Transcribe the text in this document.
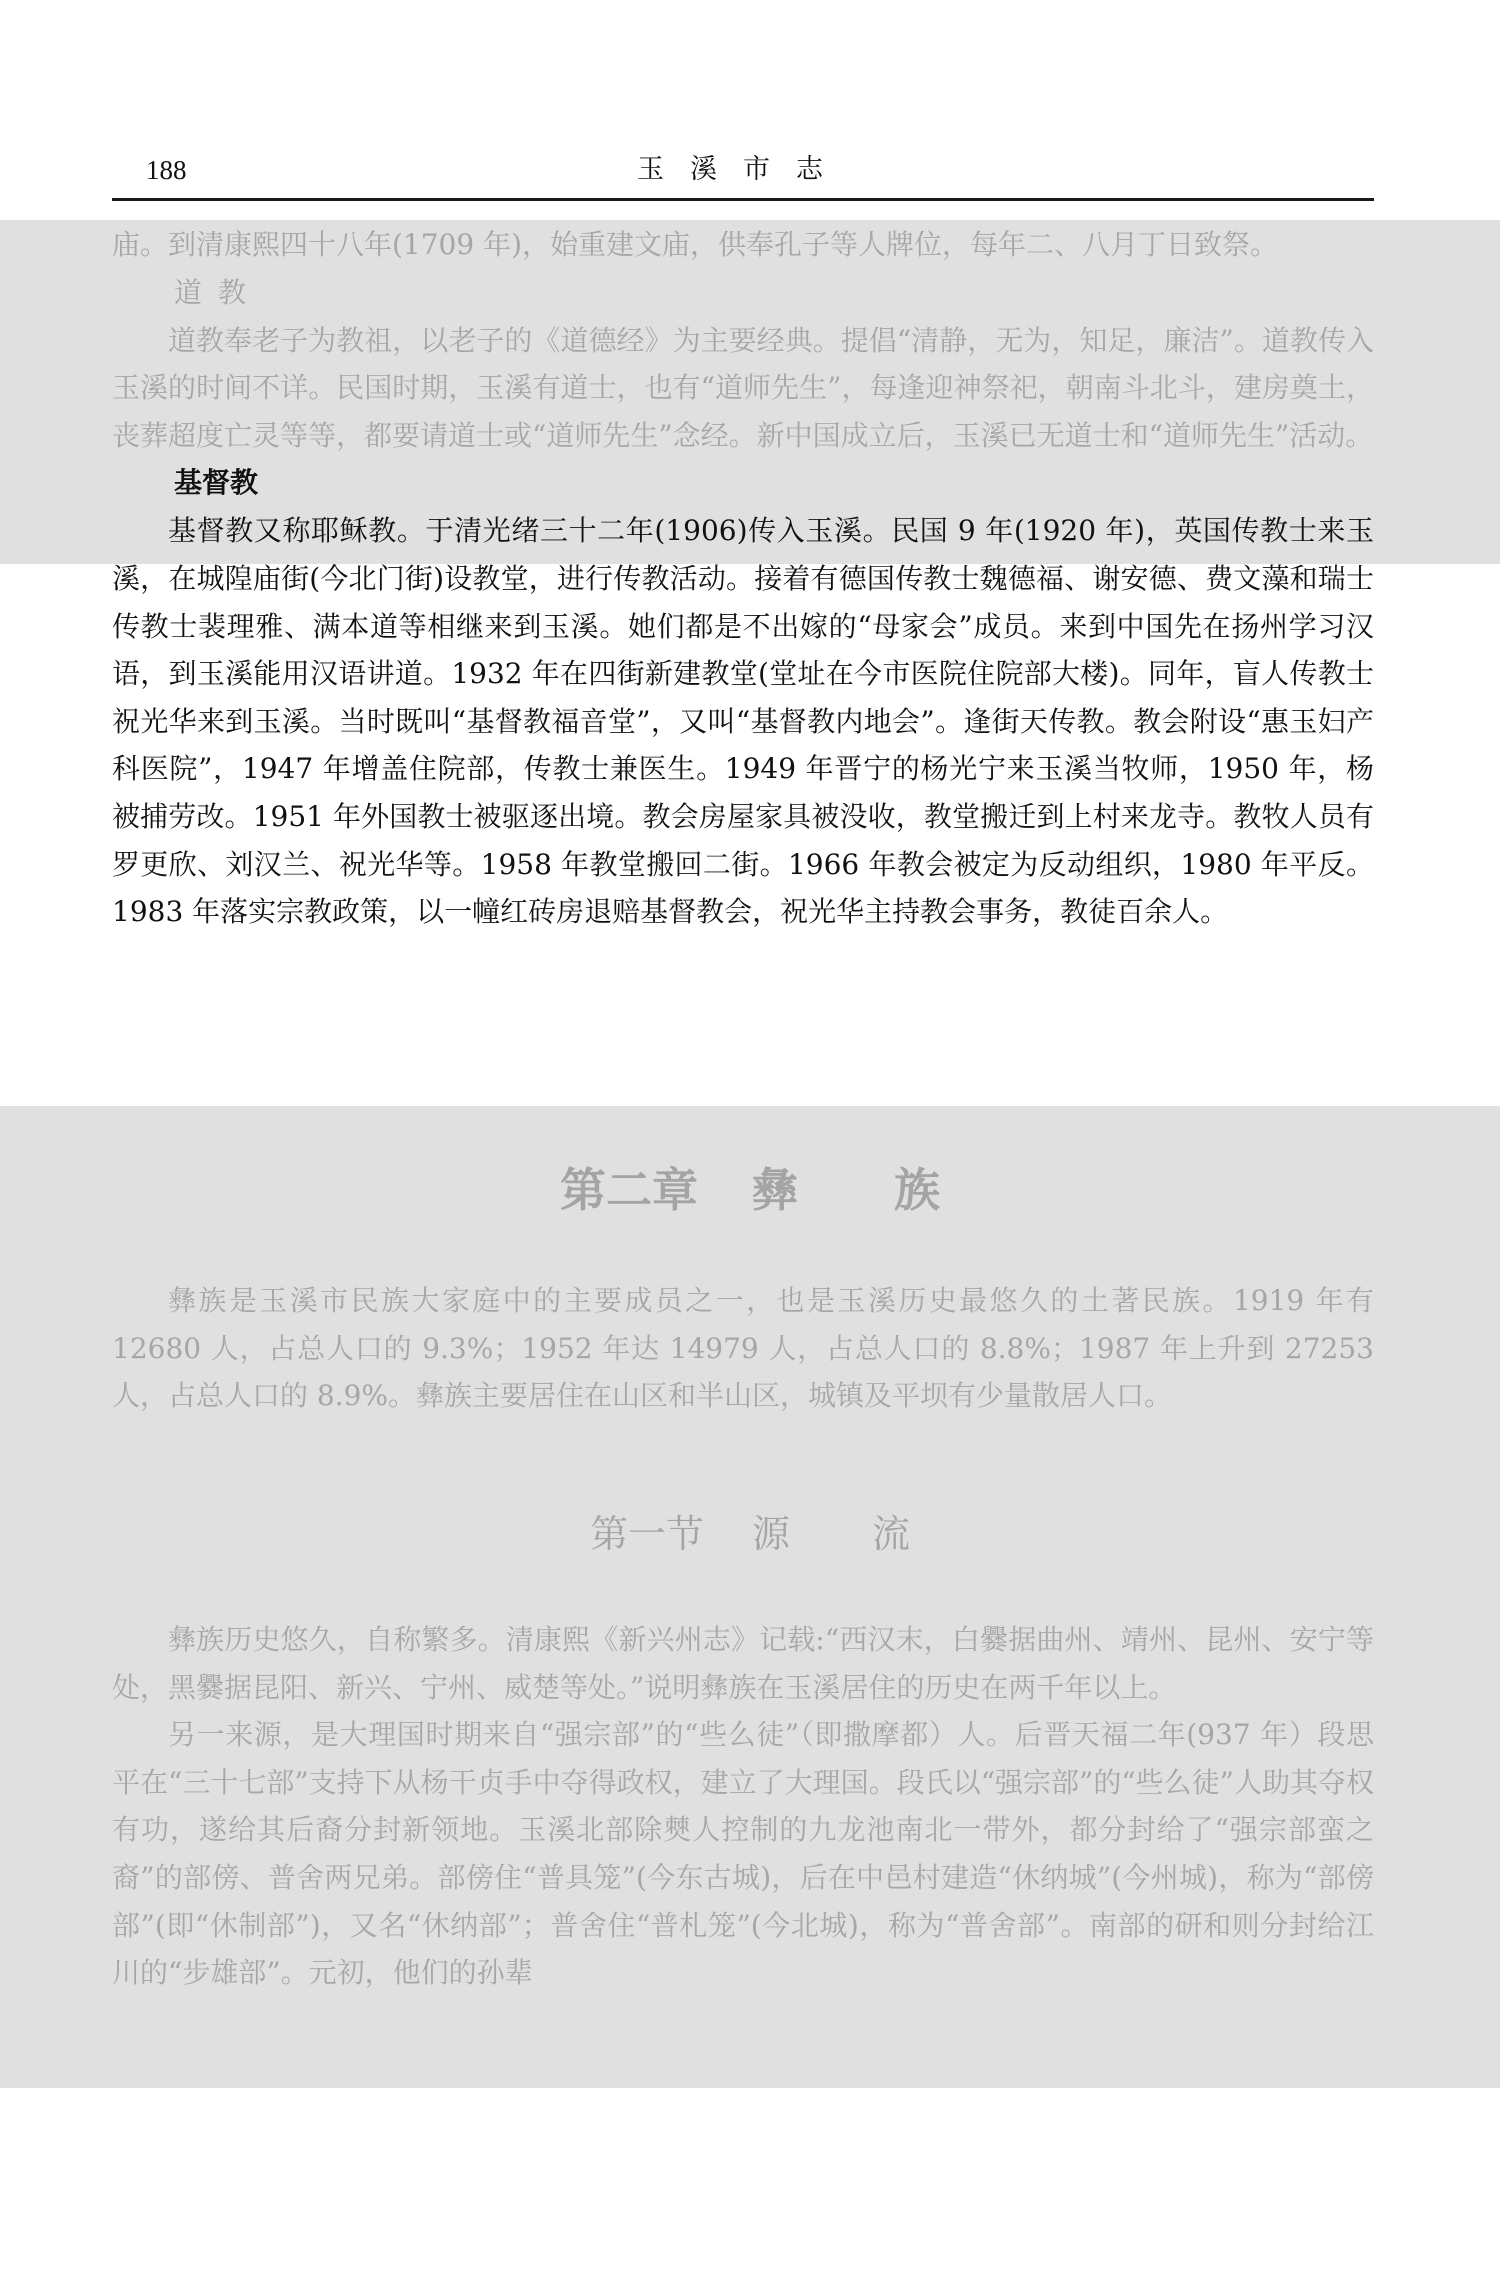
188	玉溪市志

庙。到清康熙四十八年(1709 年)，始重建文庙，供奉孔子等人牌位，每年二、八月丁日致祭。

道教

道教奉老子为教祖，以老子的《道德经》为主要经典。提倡“清静，无为，知足，廉洁”。道教传入玉溪的时间不详。民国时期，玉溪有道士，也有“道师先生”，每逢迎神祭祀，朝南斗北斗，建房奠土，丧葬超度亡灵等等，都要请道士或“道师先生”念经。新中国成立后，玉溪已无道士和“道师先生”活动。

基督教

基督教又称耶稣教。于清光绪三十二年(1906)传入玉溪。民国 9 年(1920 年)，英国传教士来玉溪，在城隍庙街(今北门街)设教堂，进行传教活动。接着有德国传教士魏德福、谢安德、费文藻和瑞士传教士裴理雅、满本道等相继来到玉溪。她们都是不出嫁的“母家会”成员。来到中国先在扬州学习汉语，到玉溪能用汉语讲道。1932 年在四街新建教堂(堂址在今市医院住院部大楼)。同年，盲人传教士祝光华来到玉溪。当时既叫“基督教福音堂”，又叫“基督教内地会”。逢街天传教。教会附设“惠玉妇产科医院”，1947 年增盖住院部，传教士兼医生。1949 年晋宁的杨光宁来玉溪当牧师，1950 年，杨被捕劳改。1951 年外国教士被驱逐出境。教会房屋家具被没收，教堂搬迁到上村来龙寺。教牧人员有罗更欣、刘汉兰、祝光华等。1958 年教堂搬回二街。1966 年教会被定为反动组织，1980 年平反。1983 年落实宗教政策，以一幢红砖房退赔基督教会，祝光华主持教会事务，教徒百余人。

第二章 彝 族

彝族是玉溪市民族大家庭中的主要成员之一，也是玉溪历史最悠久的土著民族。1919 年有 12680 人，占总人口的 9.3%；1952 年达 14979 人，占总人口的 8.8%；1987 年上升到 27253 人，占总人口的 8.9%。彝族主要居住在山区和半山区，城镇及平坝有少量散居人口。

第一节 源 流

彝族历史悠久，自称繁多。清康熙《新兴州志》记载:“西汉末，白爨据曲州、靖州、昆州、安宁等处，黑爨据昆阳、新兴、宁州、威楚等处。”说明彝族在玉溪居住的历史在两千年以上。

另一来源，是大理国时期来自“强宗部”的“些么徒”（即撒摩都）人。后晋天福二年(937 年）段思平在“三十七部”支持下从杨干贞手中夺得政权，建立了大理国。段氏以“强宗部”的“些么徒”人助其夺权有功，遂给其后裔分封新领地。玉溪北部除僰人控制的九龙池南北一带外，都分封给了“强宗部蛮之裔”的部傍、普舍两兄弟。部傍住“普具笼”(今东古城)，后在中邑村建造“休纳城”(今州城)，称为“部傍部”(即“休制部”)，又名“休纳部”；普舍住“普札笼”(今北城)，称为“普舍部”。南部的研和则分封给江川的“步雄部”。元初，他们的孙辈
